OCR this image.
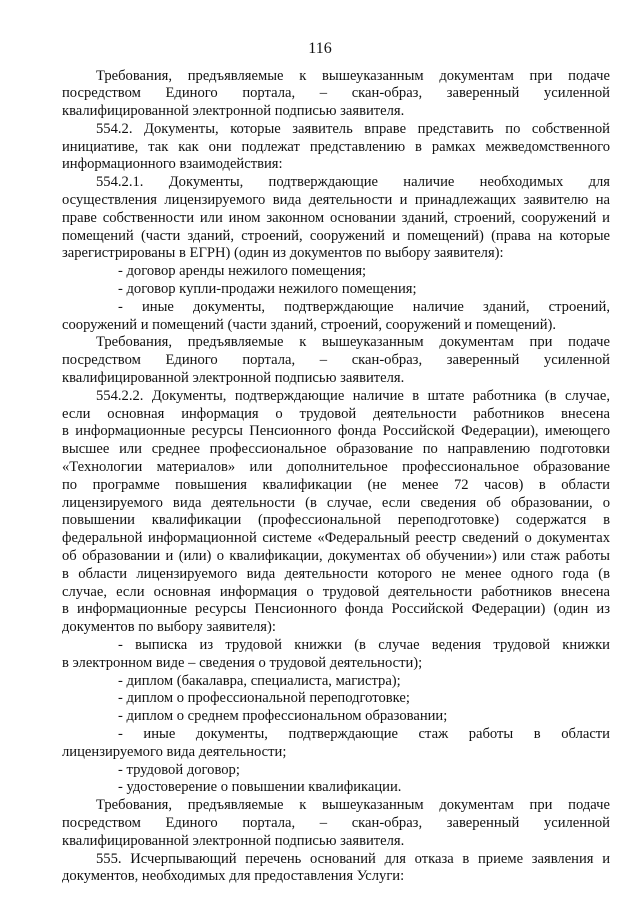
116
Требования, предъявляемые к вышеуказанным документам при подаче
посредством Единого портала, – скан-образ, заверенный усиленной
квалифицированной электронной подписью заявителя.
554.2. Документы, которые заявитель вправе представить по собственной
инициативе, так как они подлежат представлению в рамках межведомственного
информационного взаимодействия:
554.2.1. Документы, подтверждающие наличие необходимых для
осуществления лицензируемого вида деятельности и принадлежащих заявителю на
праве собственности или ином законном основании зданий, строений, сооружений и
помещений (части зданий, строений, сооружений и помещений) (права на которые
зарегистрированы в ЕГРН) (один из документов по выбору заявителя):
- договор аренды нежилого помещения;
- договор купли-продажи нежилого помещения;
- иные документы, подтверждающие наличие зданий, строений,
сооружений и помещений (части зданий, строений, сооружений и помещений).
Требования, предъявляемые к вышеуказанным документам при подаче
посредством Единого портала, – скан-образ, заверенный усиленной
квалифицированной электронной подписью заявителя.
554.2.2. Документы, подтверждающие наличие в штате работника (в случае,
если основная информация о трудовой деятельности работников внесена
в информационные ресурсы Пенсионного фонда Российской Федерации), имеющего
высшее или среднее профессиональное образование по направлению подготовки
«Технологии материалов» или дополнительное профессиональное образование
по программе повышения квалификации (не менее 72 часов) в области
лицензируемого вида деятельности (в случае, если сведения об образовании, о
повышении квалификации (профессиональной переподготовке) содержатся в
федеральной информационной системе «Федеральный реестр сведений о документах
об образовании и (или) о квалификации, документах об обучении») или стаж работы
в области лицензируемого вида деятельности которого не менее одного года (в
случае, если основная информация о трудовой деятельности работников внесена
в информационные ресурсы Пенсионного фонда Российской Федерации) (один из
документов по выбору заявителя):
- выписка из трудовой книжки (в случае ведения трудовой книжки
в электронном виде – сведения о трудовой деятельности);
- диплом (бакалавра, специалиста, магистра);
- диплом о профессиональной переподготовке;
- диплом о среднем профессиональном образовании;
- иные документы, подтверждающие стаж работы в области
лицензируемого вида деятельности;
- трудовой договор;
- удостоверение о повышении квалификации.
Требования, предъявляемые к вышеуказанным документам при подаче
посредством Единого портала, – скан-образ, заверенный усиленной
квалифицированной электронной подписью заявителя.
555. Исчерпывающий перечень оснований для отказа в приеме заявления и
документов, необходимых для предоставления Услуги:
